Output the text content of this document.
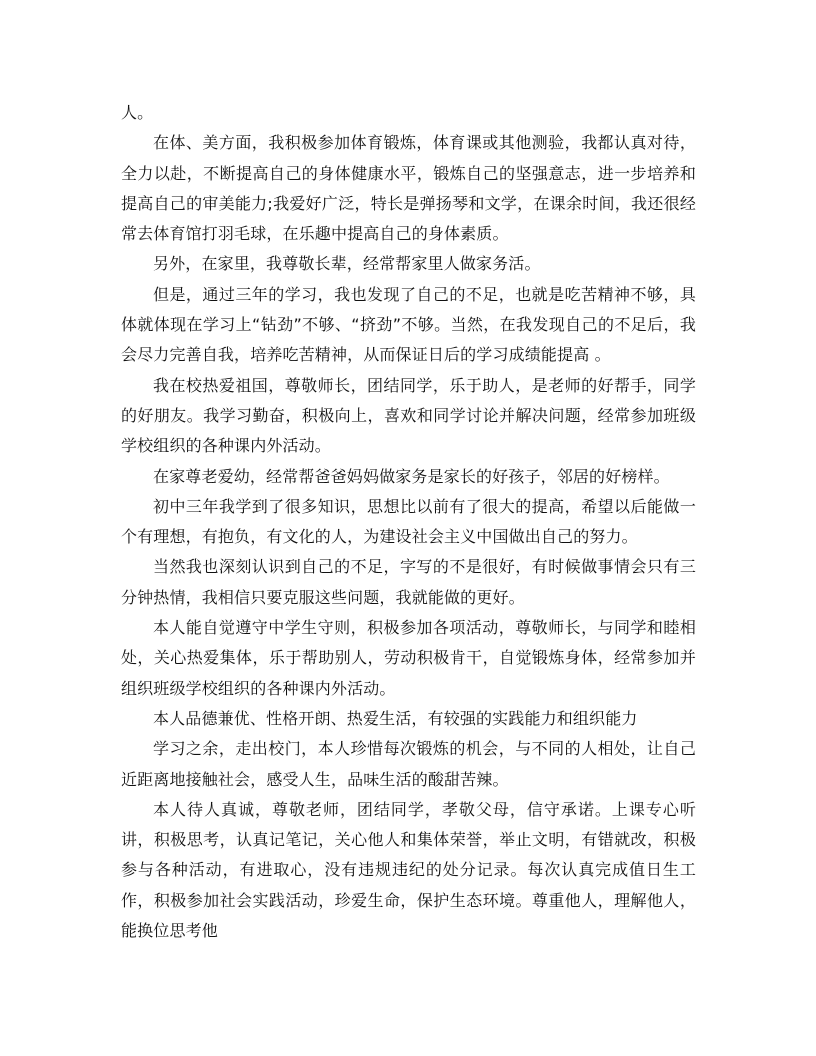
人。

在体、美方面，我积极参加体育锻炼，体育课或其他测验，我都认真对待，全力以赴，不断提高自己的身体健康水平，锻炼自己的坚强意志，进一步培养和提高自己的审美能力;我爱好广泛，特长是弹扬琴和文学，在课余时间，我还很经常去体育馆打羽毛球，在乐趣中提高自己的身体素质。

另外，在家里，我尊敬长辈，经常帮家里人做家务活。

但是，通过三年的学习，我也发现了自己的不足，也就是吃苦精神不够，具体就体现在学习上“钻劲”不够、“挤劲”不够。当然，在我发现自己的不足后，我会尽力完善自我，培养吃苦精神，从而保证日后的学习成绩能提高 。

我在校热爱祖国，尊敬师长，团结同学，乐于助人，是老师的好帮手，同学的好朋友。我学习勤奋，积极向上，喜欢和同学讨论并解决问题，经常参加班级学校组织的各种课内外活动。

在家尊老爱幼，经常帮爸爸妈妈做家务是家长的好孩子，邻居的好榜样。

初中三年我学到了很多知识，思想比以前有了很大的提高，希望以后能做一个有理想，有抱负，有文化的人，为建设社会主义中国做出自己的努力。

当然我也深刻认识到自己的不足，字写的不是很好，有时候做事情会只有三分钟热情，我相信只要克服这些问题，我就能做的更好。

本人能自觉遵守中学生守则，积极参加各项活动，尊敬师长，与同学和睦相处，关心热爱集体，乐于帮助别人，劳动积极肯干，自觉锻炼身体，经常参加并组织班级学校组织的各种课内外活动。

本人品德兼优、性格开朗、热爱生活，有较强的实践能力和组织能力

学习之余，走出校门，本人珍惜每次锻炼的机会，与不同的人相处，让自己近距离地接触社会，感受人生，品味生活的酸甜苦辣。

本人待人真诚，尊敬老师，团结同学，孝敬父母，信守承诺。上课专心听讲，积极思考，认真记笔记，关心他人和集体荣誉，举止文明，有错就改，积极参与各种活动，有进取心，没有违规违纪的处分记录。每次认真完成值日生工作，积极参加社会实践活动，珍爱生命，保护生态环境。尊重他人，理解他人，能换位思考他
